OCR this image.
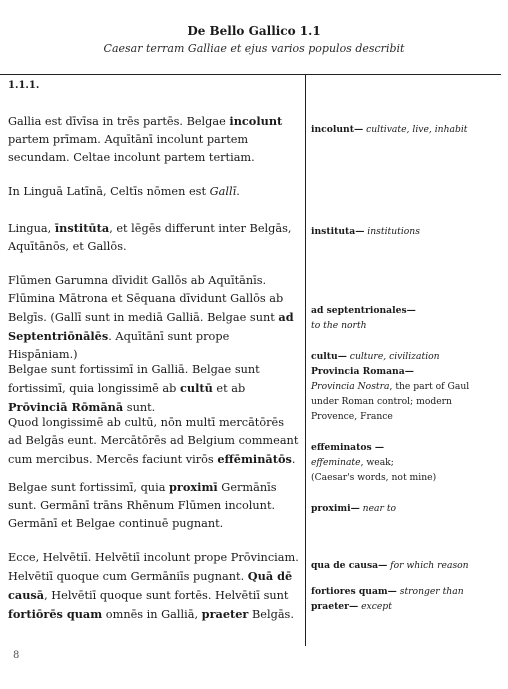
De Bello Gallico 1.1
Caesar terram Galliae et ejus varios populos describit
1.1.1.

Gallia est dīvīsa in trēs partēs. Belgae incolunt partem prīmam. Aquītānī incolunt partem secundam. Celtae incolunt partem tertiam.

In Linguā Latīnā, Celtīs nōmen est Gallī.

Lingua, īnstitūta, et lēgēs differunt inter Belgās, Aquītānōs, et Gallōs.

Flūmen Garumna dīvidit Gallōs ab Aquītānīs. Flūmina Mātrona et Sēquana dīvidunt Gallōs ab Belgīs. (Gallī sunt in mediā Galliā. Belgae sunt ad Septentriōnālēs. Aquītānī sunt prope Hispāniam.)

Belgae sunt fortissimī in Galliā. Belgae sunt fortissimī, quia longissimē ab cultū et ab Prōvinciā Rōmānā sunt.

Quod longissimē ab cultū, nōn multī mercātōrēs ad Belgās eunt. Mercātōrēs ad Belgium commeant cum mercibus. Mercēs faciunt virōs effēminātōs.

Belgae sunt fortissimī, quia proximī Germānīs sunt. Germānī trāns Rhēnum Flūmen incolunt. Germānī et Belgae continuē pugnant.

Ecce, Helvētiī. Helvētiī incolunt prope Prōvinciam. Helvētiī quoque cum Germāniīs pugnant. Quā dē causā, Helvētiī quoque sunt fortēs. Helvētiī sunt fortiōrēs quam omnēs in Galliā, praeter Belgās.

incolunt— cultivate, live, inhabit

instituta— institutions

ad septentrionales—
to the north

cultu— culture, civilization
Provincia Romana—
Provincia Nostra, the part of Gaul under Roman control; modern Provence, France

effeminatos —
effeminate, weak;
(Caesar's words, not mine)

proximi— near to

qua de causa— for which reason

fortiores quam— stronger than
praeter— except

8
